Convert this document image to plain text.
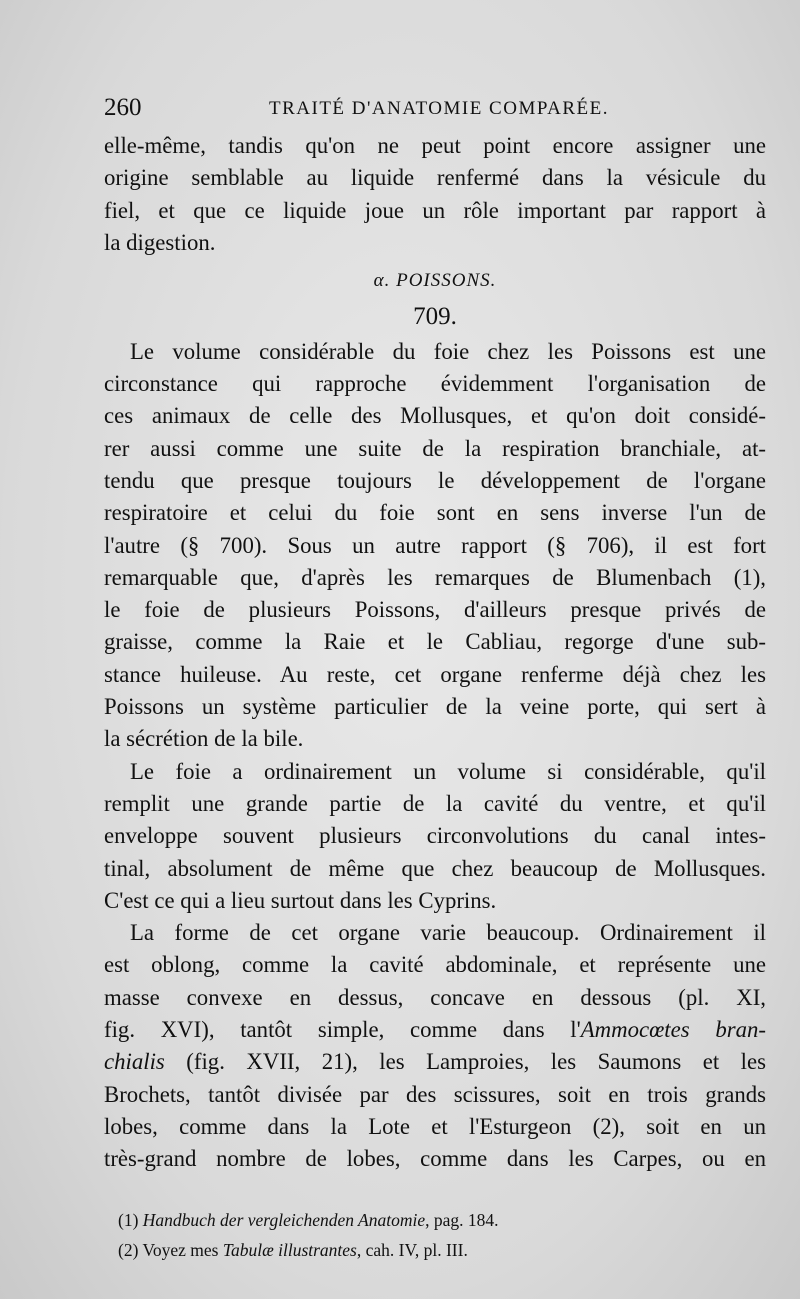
260	TRAITÉ D'ANATOMIE COMPARÉE.
elle-même, tandis qu'on ne peut point encore assigner une
origine semblable au liquide renfermé dans la vésicule du
fiel, et que ce liquide joue un rôle important par rapport à
la digestion.
α. POISSONS.
709.
Le volume considérable du foie chez les Poissons est une
circonstance qui rapproche évidemment l'organisation de
ces animaux de celle des Mollusques, et qu'on doit considé-
rer aussi comme une suite de la respiration branchiale, at-
tendu que presque toujours le développement de l'organe
respiratoire et celui du foie sont en sens inverse l'un de
l'autre (§ 700). Sous un autre rapport (§ 706), il est fort
remarquable que, d'après les remarques de Blumenbach (1),
le foie de plusieurs Poissons, d'ailleurs presque privés de
graisse, comme la Raie et le Cabliau, regorge d'une sub-
stance huileuse. Au reste, cet organe renferme déjà chez les
Poissons un système particulier de la veine porte, qui sert à
la sécrétion de la bile.
Le foie a ordinairement un volume si considérable, qu'il
remplit une grande partie de la cavité du ventre, et qu'il
enveloppe souvent plusieurs circonvolutions du canal intes-
tinal, absolument de même que chez beaucoup de Mollusques.
C'est ce qui a lieu surtout dans les Cyprins.
La forme de cet organe varie beaucoup. Ordinairement il
est oblong, comme la cavité abdominale, et représente une
masse convexe en dessus, concave en dessous (pl. XI,
fig. XVI), tantôt simple, comme dans l'Ammocœtes bran-
chialis (fig. XVII, 21), les Lamproies, les Saumons et les
Brochets, tantôt divisée par des scissures, soit en trois grands
lobes, comme dans la Lote et l'Esturgeon (2), soit en un
très-grand nombre de lobes, comme dans les Carpes, ou en
(1) Handbuch der vergleichenden Anatomie, pag. 184.
(2) Voyez mes Tabulæ illustrantes, cah. IV, pl. III.
